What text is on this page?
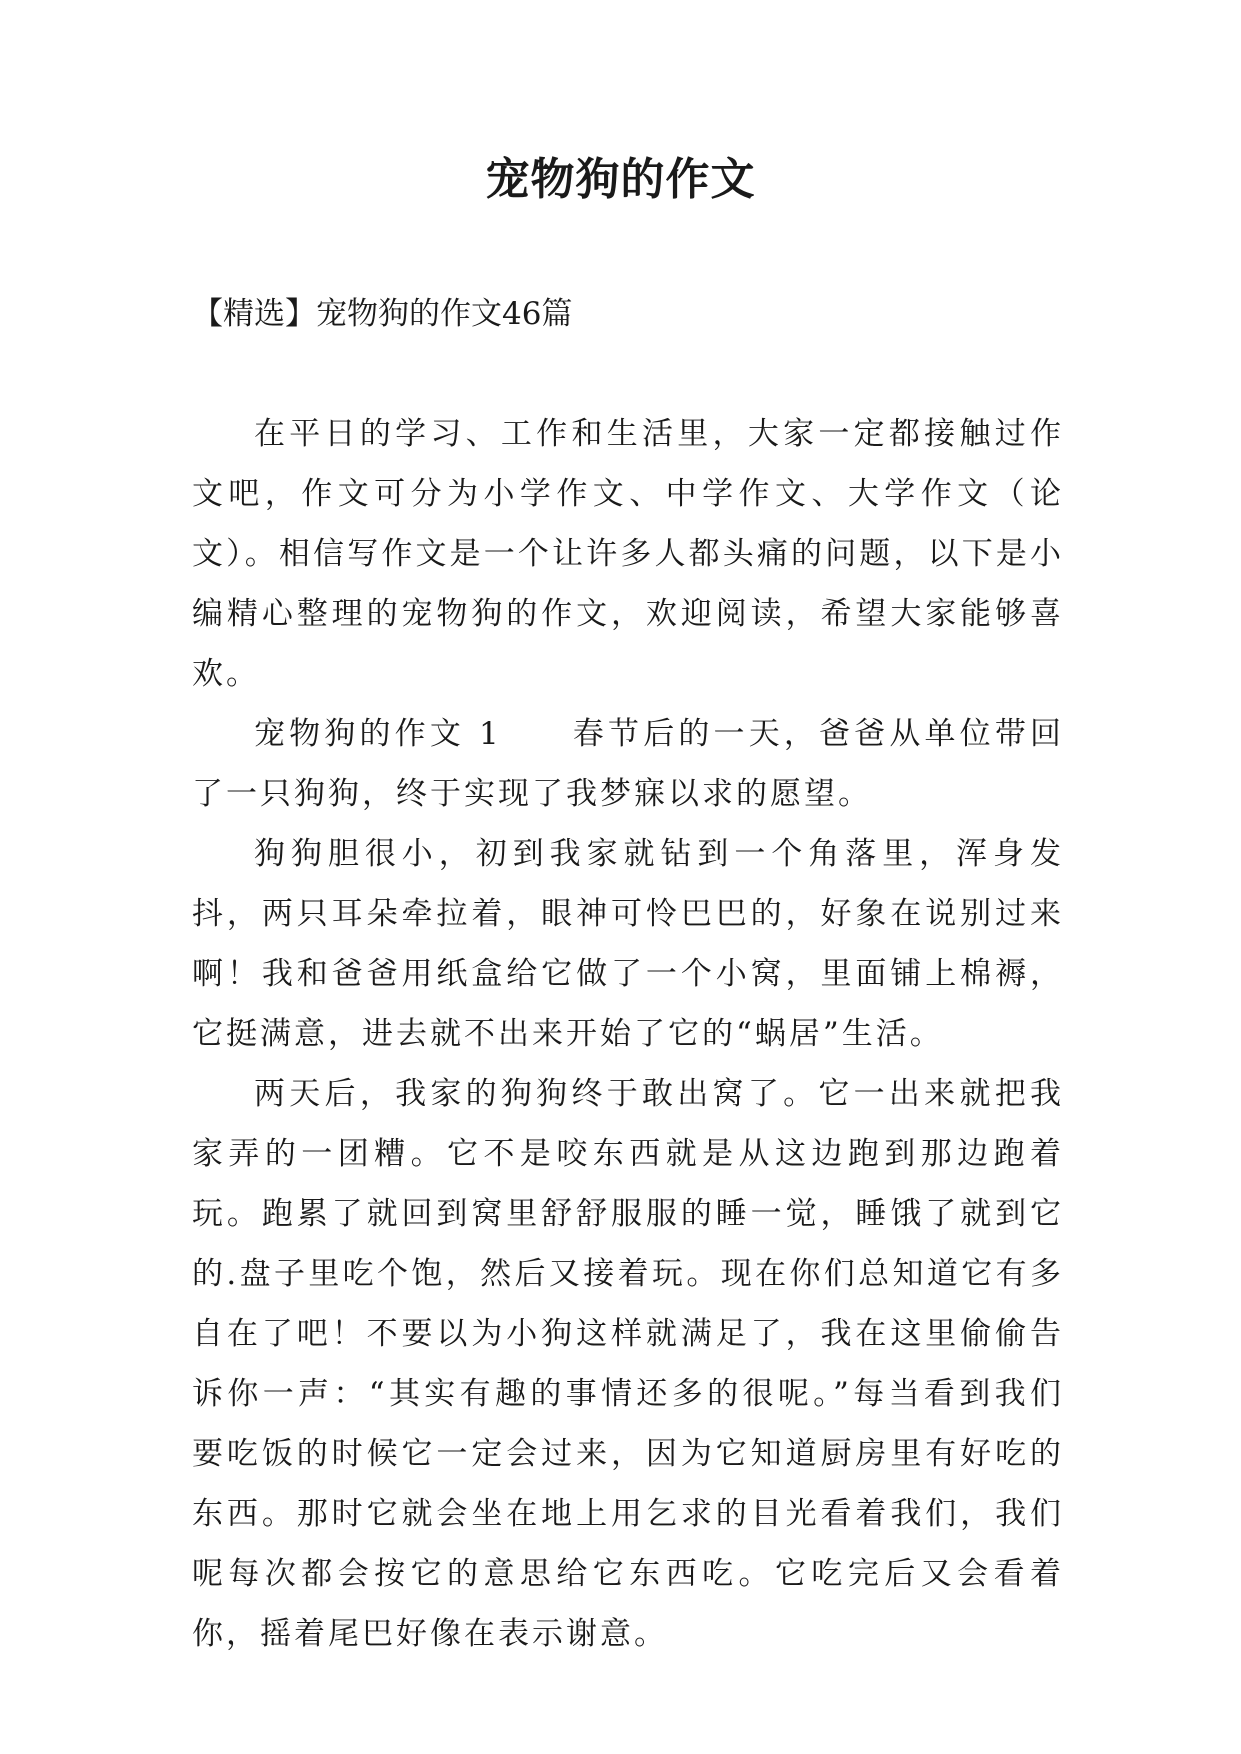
宠物狗的作文

【精选】宠物狗的作文46篇

在平日的学习、工作和生活里，大家一定都接触过作文吧，作文可分为小学作文、中学作文、大学作文（论文）。相信写作文是一个让许多人都头痛的问题，以下是小编精心整理的宠物狗的作文，欢迎阅读，希望大家能够喜欢。

宠物狗的作文 1 春节后的一天，爸爸从单位带回了一只狗狗，终于实现了我梦寐以求的愿望。

狗狗胆很小，初到我家就钻到一个角落里，浑身发抖，两只耳朵牵拉着，眼神可怜巴巴的，好象在说别过来啊！我和爸爸用纸盒给它做了一个小窝，里面铺上棉褥，它挺满意，进去就不出来开始了它的“蜗居”生活。

两天后，我家的狗狗终于敢出窝了。它一出来就把我家弄的一团糟。它不是咬东西就是从这边跑到那边跑着玩。跑累了就回到窝里舒舒服服的睡一觉，睡饿了就到它的.盘子里吃个饱，然后又接着玩。现在你们总知道它有多自在了吧！不要以为小狗这样就满足了，我在这里偷偷告诉你一声：“其实有趣的事情还多的很呢。”每当看到我们要吃饭的时候它一定会过来，因为它知道厨房里有好吃的东西。那时它就会坐在地上用乞求的目光看着我们，我们呢每次都会按它的意思给它东西吃。它吃完后又会看着你，摇着尾巴好像在表示谢意。
